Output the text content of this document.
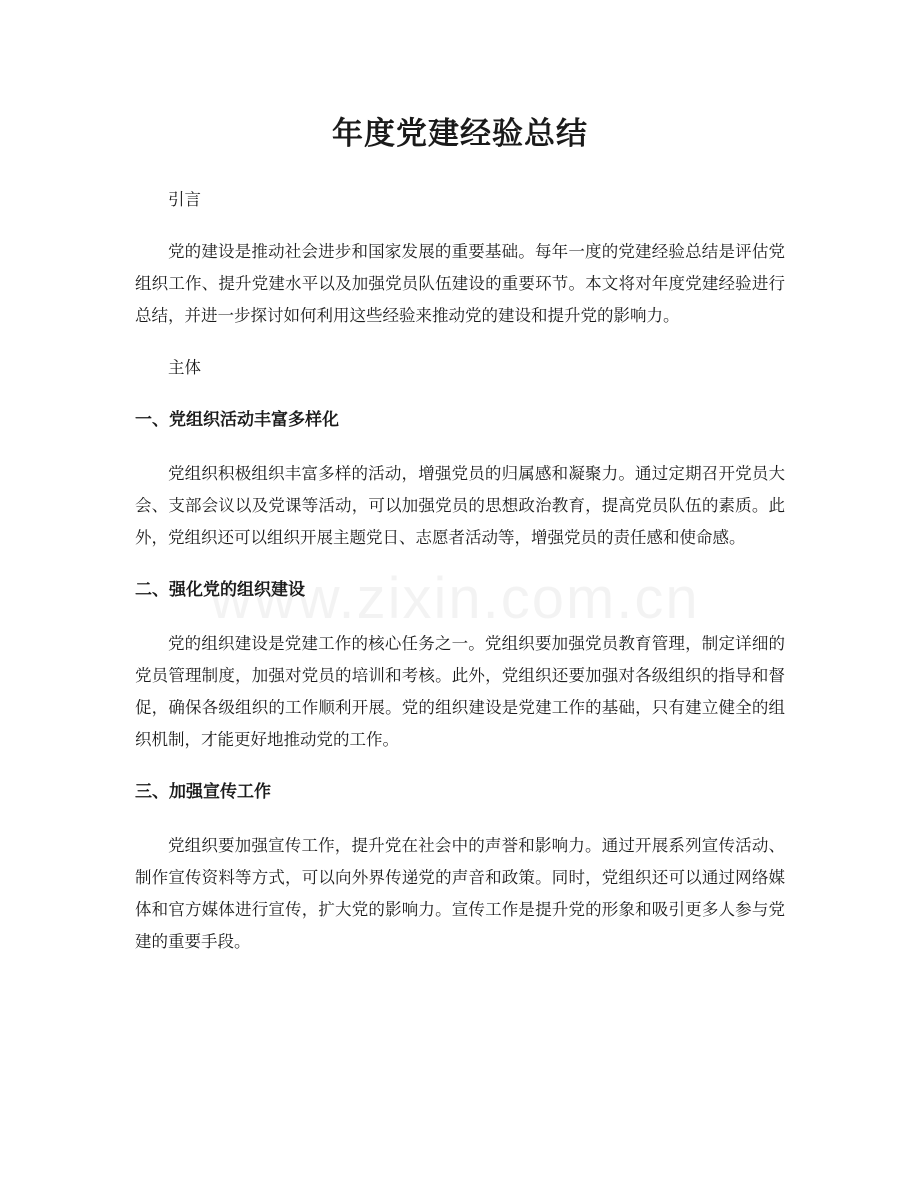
年度党建经验总结
引言

党的建设是推动社会进步和国家发展的重要基础。每年一度的党建经验总结是评估党组织工作、提升党建水平以及加强党员队伍建设的重要环节。本文将对年度党建经验进行总结，并进一步探讨如何利用这些经验来推动党的建设和提升党的影响力。

主体
一、党组织活动丰富多样化

党组织积极组织丰富多样的活动，增强党员的归属感和凝聚力。通过定期召开党员大会、支部会议以及党课等活动，可以加强党员的思想政治教育，提高党员队伍的素质。此外，党组织还可以组织开展主题党日、志愿者活动等，增强党员的责任感和使命感。

二、强化党的组织建设

党的组织建设是党建工作的核心任务之一。党组织要加强党员教育管理，制定详细的党员管理制度，加强对党员的培训和考核。此外，党组织还要加强对各级组织的指导和督促，确保各级组织的工作顺利开展。党的组织建设是党建工作的基础，只有建立健全的组织机制，才能更好地推动党的工作。

三、加强宣传工作

党组织要加强宣传工作，提升党在社会中的声誉和影响力。通过开展系列宣传活动、制作宣传资料等方式，可以向外界传递党的声音和政策。同时，党组织还可以通过网络媒体和官方媒体进行宣传，扩大党的影响力。宣传工作是提升党的形象和吸引更多人参与党建的重要手段。
